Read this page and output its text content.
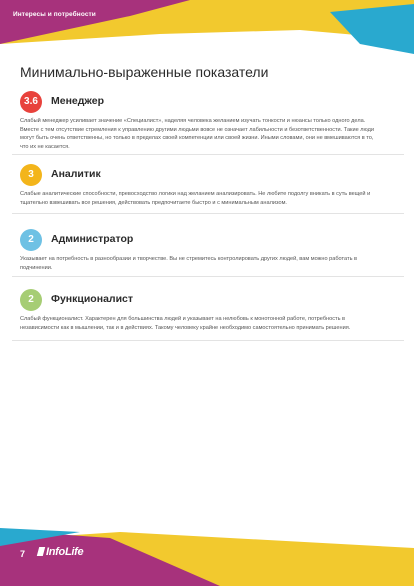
Интересы и потребности
Минимально-выраженные показатели
3.6	Менеджер
Слабый менеджер усиливает значение «Специалист», наделяя человека желанием изучать тонкости и нюансы только одного дела. Вместе с тем отсутствие стремления к управлению другими людьми вовсе не означает лабильности и безответственности. Такие люди могут быть очень ответственны, но только в пределах своей компетенции или своей жизни. Иными словами, они не вмешиваются в то, что их не касается.
3	Аналитик
Слабые аналитические способности, превосходство логики над желанием анализировать. Не любите подолгу вникать в суть вещей и тщательно взвешивать все решения, действовать предпочитаете быстро и с минимальным анализом.
2	Администратор
Указывает на потребность в разнообразии и творчестве. Вы не стремитесь контролировать других людей, вам можно работать в подчинении.
2	Функционалист
Слабый функционалист. Характерен для большинства людей и указывает на нелюбовь к монотонной работе, потребность в независимости как в мышлении, так и в действиях. Такому человеку крайне необходимо самостоятельно принимать решения.
7	InfoLife
